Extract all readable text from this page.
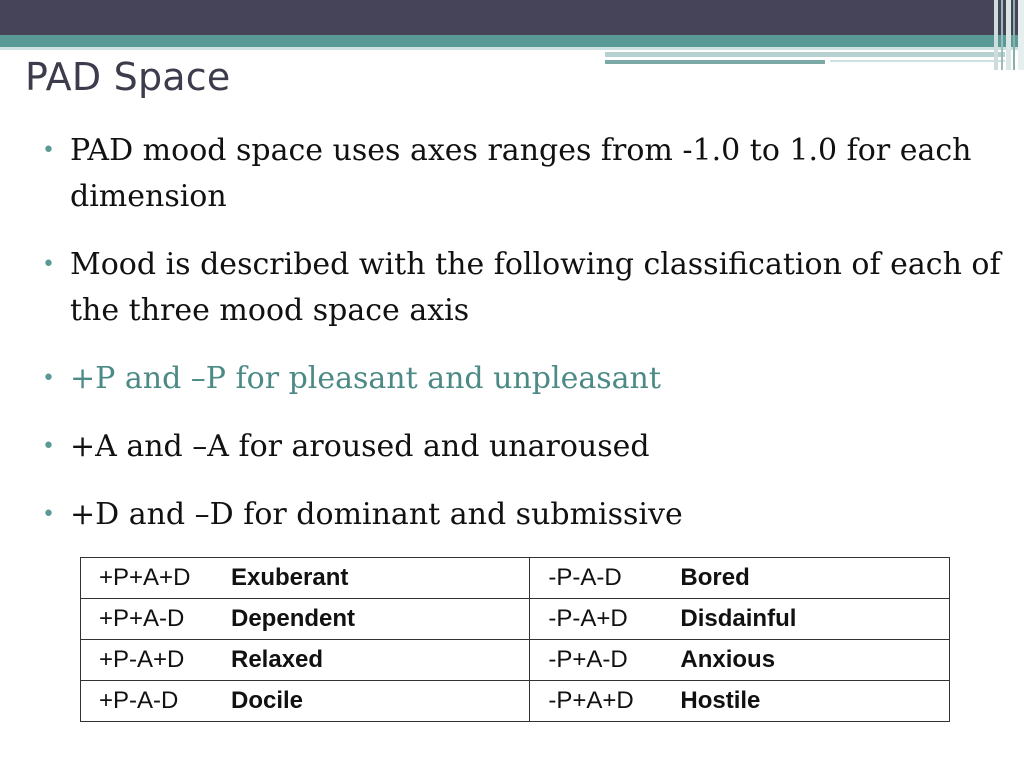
PAD Space
• PAD mood space uses axes ranges from -1.0 to 1.0 for each dimension
• Mood is described with the following classification of each of the three mood space axis
• +P and –P for pleasant and unpleasant
• +A and –A for aroused and unaroused
• +D and –D for dominant and submissive
+P+A+D Exuberant	-P-A-D Bored

+P+A-D Dependent	-P-A+D Disdainful

+P-A+D Relaxed	-P+A-D Anxious

+P-A-D Docile	-P+A+D Hostile
